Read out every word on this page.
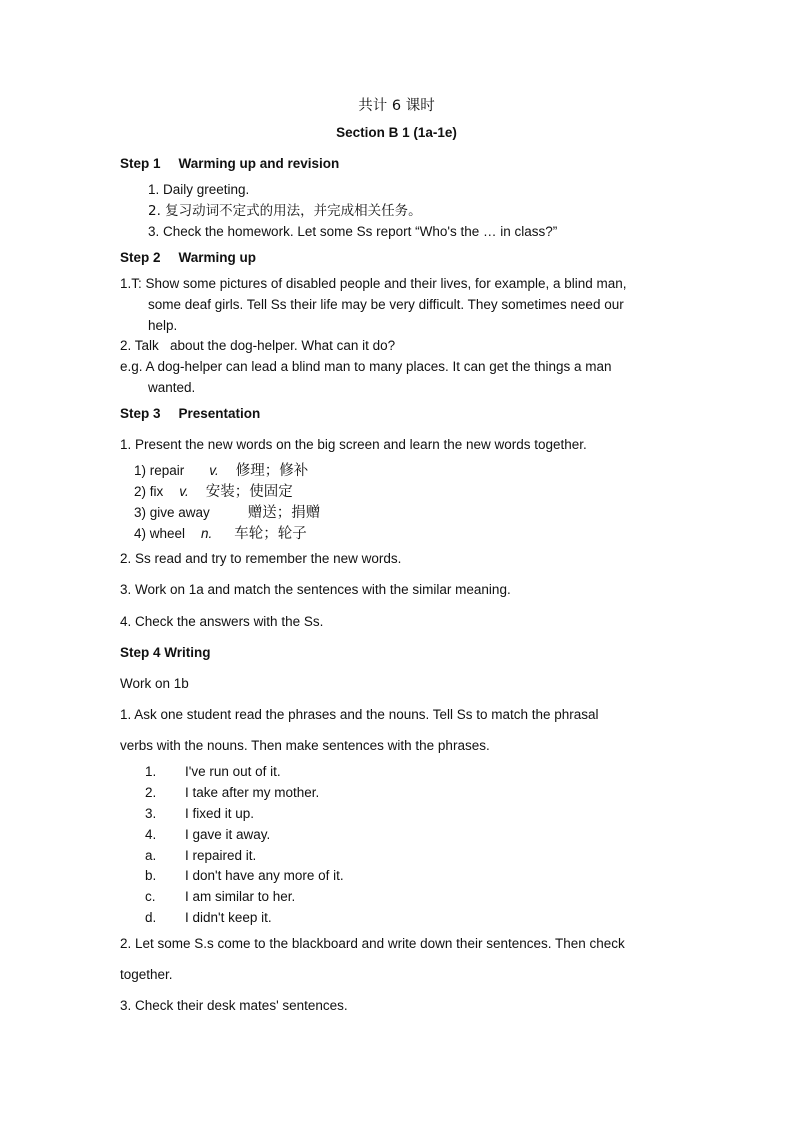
共计 6 课时
Section B 1 (1a-1e)
Step 1 Warming up and revision
1. Daily greeting.
2. 复习动词不定式的用法，并完成相关任务。
3. Check the homework. Let some Ss report “Who's the … in class?”
Step 2 Warming up
1.T: Show some pictures of disabled people and their lives, for example, a blind man,
some deaf girls. Tell Ss their life may be very difficult. They sometimes need our
help.
2. Talk   about the dog-helper. What can it do?
e.g. A dog-helper can lead a blind man to many places. It can get the things a man
wanted.
Step 3 Presentation
1. Present the new words on the big screen and learn the new words together.
1) repair v. 修理；修补
2) fix v. 安装；使固定
3) give away	赠送；捐赠
4) wheel n. 车轮；轮子
2. Ss read and try to remember the new words.
3. Work on 1a and match the sentences with the similar meaning.
4. Check the answers with the Ss.
Step 4 Writing
Work on 1b
1. Ask one student read the phrases and the nouns. Tell Ss to match the phrasal
verbs with the nouns. Then make sentences with the phrases.
1. I've run out of it.
2. I take after my mother.
3. I fixed it up.
4. I gave it away.
a. I repaired it.
b. I don't have any more of it.
c. I am similar to her.
d. I didn't keep it.
2. Let some S.s come to the blackboard and write down their sentences. Then check
together.
3. Check their desk mates' sentences.
